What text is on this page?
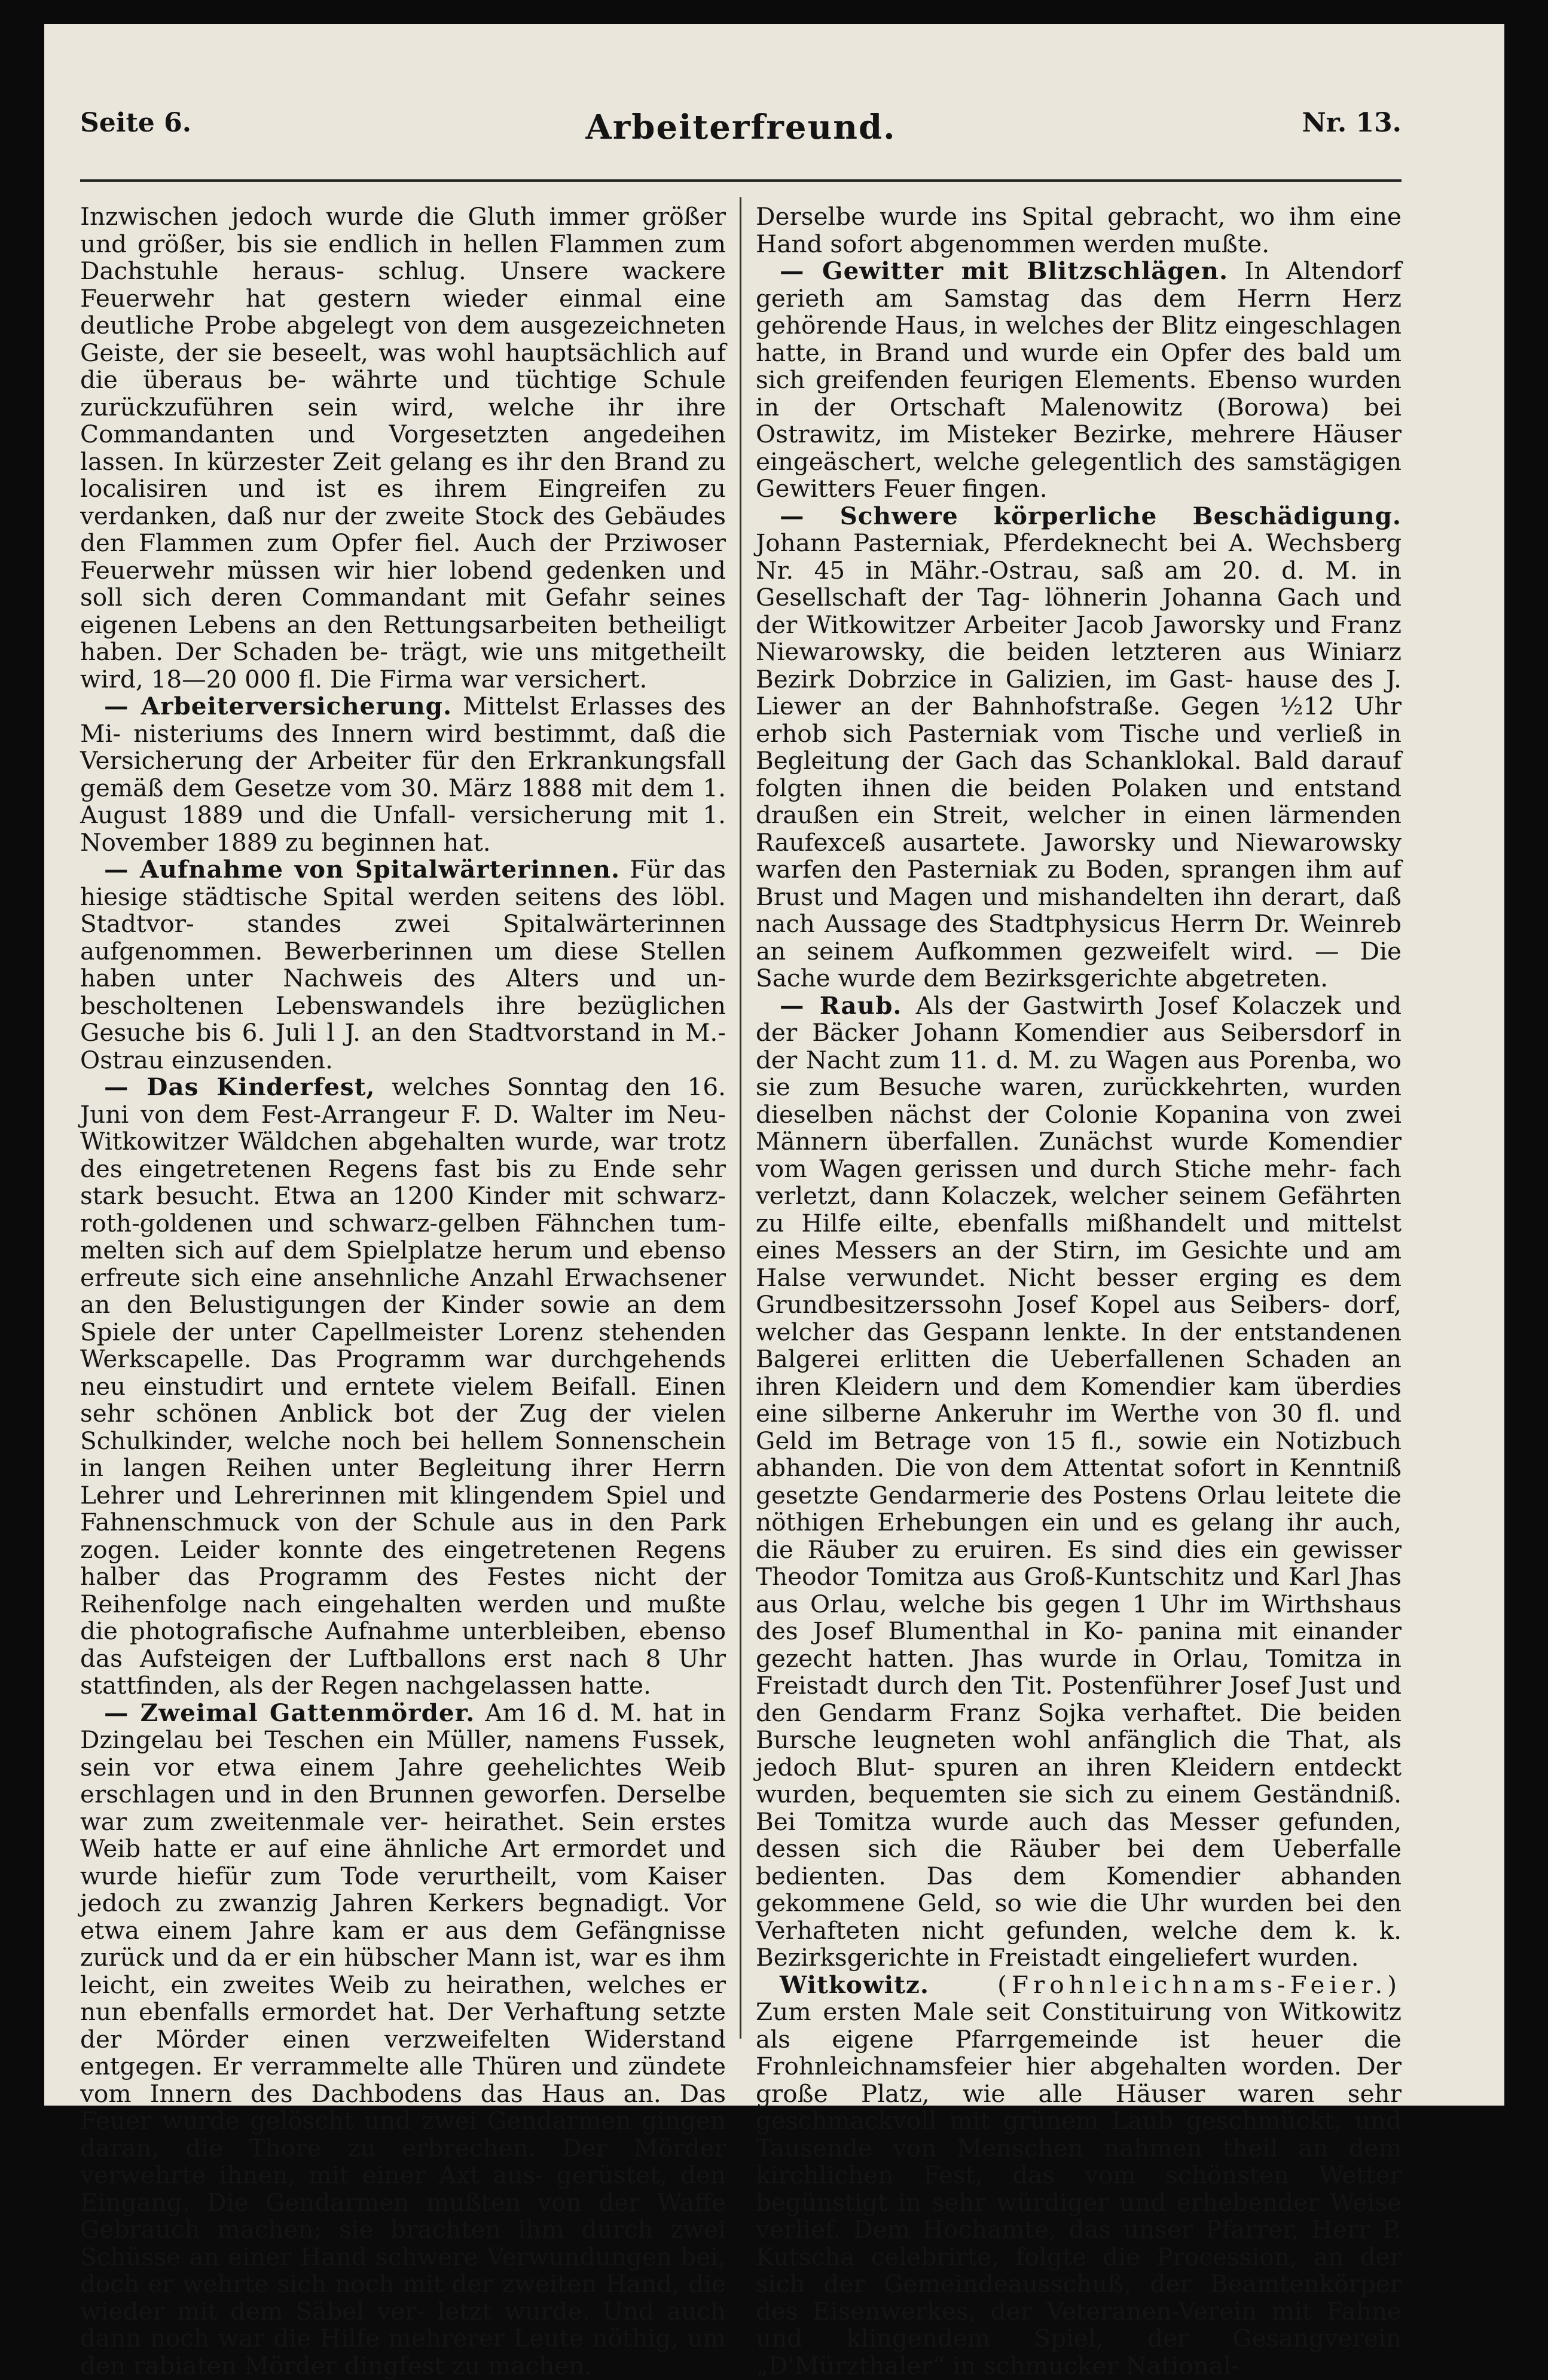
Seite 6.	Arbeiterfreund.	Nr. 13.

Inzwischen jedoch wurde die Gluth immer größer und größer, bis sie endlich in hellen Flammen zum Dachstuhle heraus- schlug. Unsere wackere Feuerwehr hat gestern wieder einmal eine deutliche Probe abgelegt von dem ausgezeichneten Geiste, der sie beseelt, was wohl hauptsächlich auf die überaus be- währte und tüchtige Schule zurückzuführen sein wird, welche ihr ihre Commandanten und Vorgesetzten angedeihen lassen. In kürzester Zeit gelang es ihr den Brand zu localisiren und ist es ihrem Eingreifen zu verdanken, daß nur der zweite Stock des Gebäudes den Flammen zum Opfer fiel. Auch der Prziwoser Feuerwehr müssen wir hier lobend gedenken und soll sich deren Commandant mit Gefahr seines eigenen Lebens an den Rettungsarbeiten betheiligt haben. Der Schaden be- trägt, wie uns mitgetheilt wird, 18—20 000 fl. Die Firma war versichert.

— Arbeiterversicherung. Mittelst Erlasses des Mi- nisteriums des Innern wird bestimmt, daß die Versicherung der Arbeiter für den Erkrankungsfall gemäß dem Gesetze vom 30. März 1888 mit dem 1. August 1889 und die Unfall- versicherung mit 1. November 1889 zu beginnen hat.

— Aufnahme von Spitalwärterinnen. Für das hiesige städtische Spital werden seitens des löbl. Stadtvor- standes zwei Spitalwärterinnen aufgenommen. Bewerberinnen um diese Stellen haben unter Nachweis des Alters und un- bescholtenen Lebenswandels ihre bezüglichen Gesuche bis 6. Juli l J. an den Stadtvorstand in M.-Ostrau einzusenden.

— Das Kinderfest, welches Sonntag den 16. Juni von dem Fest-Arrangeur F. D. Walter im Neu-Witkowitzer Wäldchen abgehalten wurde, war trotz des eingetretenen Regens fast bis zu Ende sehr stark besucht. Etwa an 1200 Kinder mit schwarz-roth-goldenen und schwarz-gelben Fähnchen tum- melten sich auf dem Spielplatze herum und ebenso erfreute sich eine ansehnliche Anzahl Erwachsener an den Belustigungen der Kinder sowie an dem Spiele der unter Capellmeister Lorenz stehenden Werkscapelle. Das Programm war durchgehends neu einstudirt und erntete vielem Beifall. Einen sehr schönen Anblick bot der Zug der vielen Schulkinder, welche noch bei hellem Sonnenschein in langen Reihen unter Begleitung ihrer Herrn Lehrer und Lehrerinnen mit klingendem Spiel und Fahnenschmuck von der Schule aus in den Park zogen. Leider konnte des eingetretenen Regens halber das Programm des Festes nicht der Reihenfolge nach eingehalten werden und mußte die photografische Aufnahme unterbleiben, ebenso das Aufsteigen der Luftballons erst nach 8 Uhr stattfinden, als der Regen nachgelassen hatte.

— Zweimal Gattenmörder. Am 16 d. M. hat in Dzingelau bei Teschen ein Müller, namens Fussek, sein vor etwa einem Jahre geehelichtes Weib erschlagen und in den Brunnen geworfen. Derselbe war zum zweitenmale ver- heirathet. Sein erstes Weib hatte er auf eine ähnliche Art ermordet und wurde hiefür zum Tode verurtheilt, vom Kaiser jedoch zu zwanzig Jahren Kerkers begnadigt. Vor etwa einem Jahre kam er aus dem Gefängnisse zurück und da er ein hübscher Mann ist, war es ihm leicht, ein zweites Weib zu heirathen, welches er nun ebenfalls ermordet hat. Der Verhaftung setzte der Mörder einen verzweifelten Widerstand entgegen. Er verrammelte alle Thüren und zündete vom Innern des Dachbodens das Haus an. Das Feuer wurde gelöscht und zwei Gendarmen gingen daran, die Thore zu erbrechen. Der Mörder verwehrte ihnen, mit einer Axt aus- gerüstet, den Eingang. Die Gendarmen mußten von der Waffe Gebrauch machen; sie brachten ihm durch zwei Schüsse an einer Hand schwere Verwundungen bei, doch er wehrte sich noch mit der zweiten Hand, die wieder mit dem Säbel ver- letzt wurde. Und auch dann noch war die Hilfe mehrerer Leute nöthig, um den rabiaten Mörder dingfest zu machen.

Derselbe wurde ins Spital gebracht, wo ihm eine Hand sofort abgenommen werden mußte.

— Gewitter mit Blitzschlägen. In Altendorf gerieth am Samstag das dem Herrn Herz gehörende Haus, in welches der Blitz eingeschlagen hatte, in Brand und wurde ein Opfer des bald um sich greifenden feurigen Elements. Ebenso wurden in der Ortschaft Malenowitz (Borowa) bei Ostrawitz, im Misteker Bezirke, mehrere Häuser eingeäschert, welche gelegentlich des samstägigen Gewitters Feuer fingen.

— Schwere körperliche Beschädigung. Johann Pasterniak, Pferdeknecht bei A. Wechsberg Nr. 45 in Mähr.-Ostrau, saß am 20. d. M. in Gesellschaft der Tag- löhnerin Johanna Gach und der Witkowitzer Arbeiter Jacob Jaworsky und Franz Niewarowsky, die beiden letzteren aus Winiarz Bezirk Dobrzice in Galizien, im Gast- hause des J. Liewer an der Bahnhofstraße. Gegen ½12 Uhr erhob sich Pasterniak vom Tische und verließ in Begleitung der Gach das Schanklokal. Bald darauf folgten ihnen die beiden Polaken und entstand draußen ein Streit, welcher in einen lärmenden Raufexceß ausartete. Jaworsky und Niewarowsky warfen den Pasterniak zu Boden, sprangen ihm auf Brust und Magen und mishandelten ihn derart, daß nach Aussage des Stadtphysicus Herrn Dr. Weinreb an seinem Aufkommen gezweifelt wird. — Die Sache wurde dem Bezirksgerichte abgetreten.

— Raub. Als der Gastwirth Josef Kolaczek und der Bäcker Johann Komendier aus Seibersdorf in der Nacht zum 11. d. M. zu Wagen aus Porenba, wo sie zum Besuche waren, zurückkehrten, wurden dieselben nächst der Colonie Kopanina von zwei Männern überfallen. Zunächst wurde Komendier vom Wagen gerissen und durch Stiche mehr- fach verletzt, dann Kolaczek, welcher seinem Gefährten zu Hilfe eilte, ebenfalls mißhandelt und mittelst eines Messers an der Stirn, im Gesichte und am Halse verwundet. Nicht besser erging es dem Grundbesitzerssohn Josef Kopel aus Seibers- dorf, welcher das Gespann lenkte. In der entstandenen Balgerei erlitten die Ueberfallenen Schaden an ihren Kleidern und dem Komendier kam überdies eine silberne Ankeruhr im Werthe von 30 fl. und Geld im Betrage von 15 fl., sowie ein Notizbuch abhanden. Die von dem Attentat sofort in Kenntniß gesetzte Gendarmerie des Postens Orlau leitete die nöthigen Erhebungen ein und es gelang ihr auch, die Räuber zu eruiren. Es sind dies ein gewisser Theodor Tomitza aus Groß-Kuntschitz und Karl Jhas aus Orlau, welche bis gegen 1 Uhr im Wirthshaus des Josef Blumenthal in Ko- panina mit einander gezecht hatten. Jhas wurde in Orlau, Tomitza in Freistadt durch den Tit. Postenführer Josef Just und den Gendarm Franz Sojka verhaftet. Die beiden Bursche leugneten wohl anfänglich die That, als jedoch Blut- spuren an ihren Kleidern entdeckt wurden, bequemten sie sich zu einem Geständniß. Bei Tomitza wurde auch das Messer gefunden, dessen sich die Räuber bei dem Ueberfalle bedienten. Das dem Komendier abhanden gekommene Geld, so wie die Uhr wurden bei den Verhafteten nicht gefunden, welche dem k. k. Bezirksgerichte in Freistadt eingeliefert wurden.

Witkowitz. (Frohnleichnams-Feier.) Zum ersten Male seit Constituirung von Witkowitz als eigene Pfarrgemeinde ist heuer die Frohnleichnamsfeier hier abgehalten worden. Der große Platz, wie alle Häuser waren sehr geschmackvoll mit grünem Laub geschmückt, und Tausende von Menschen nahmen theil an dem kirchlichen Fest, das vom schönsten Wetter begünstigt in sehr würdiger und erhebender Weise verlief. Dem Hochamte, das unser Pfarrer, Herr P. Kutscha celebrirte, folgte die Procession, an der sich der Gemeindeausschuß, der Beamtenkörper des Eisenwerkes, der Veteranen-Verein mit Fahne und klingendem Spiel, der Gesangverein „D'Mürzthaler“ in schmucker National-
